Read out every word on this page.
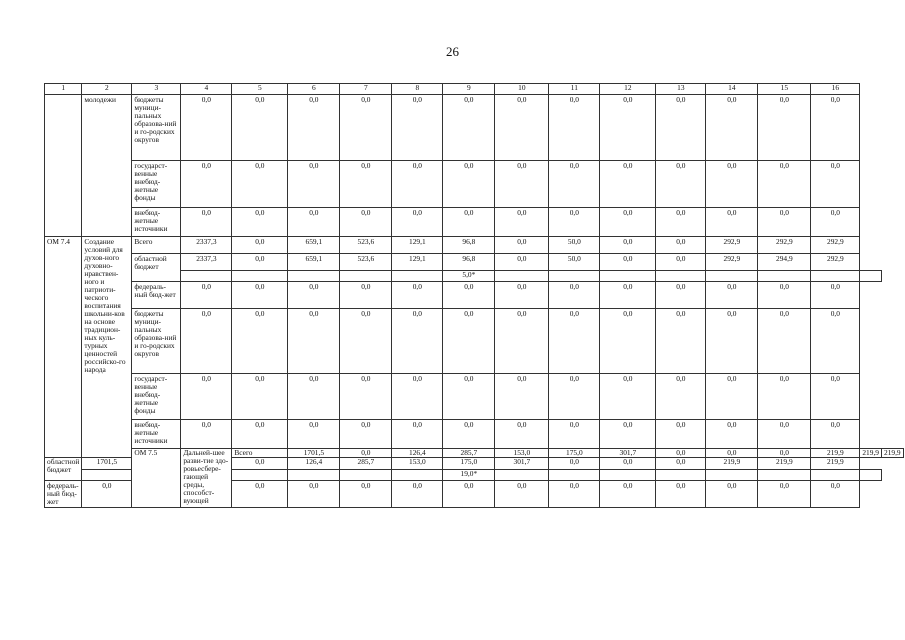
26
1	2	3	4	5	6	7	8	9	10	11	12	13	14	15	16		
	молодежи	бюджеты муници-пальных образова-ний и го-родских округов	0,0	0,0	0,0	0,0	0,0	0,0	0,0	0,0	0,0	0,0	0,0	0,0	0,0		
		государст-венные внебюд-жетные фонды	0,0	0,0	0,0	0,0	0,0	0,0	0,0	0,0	0,0	0,0	0,0	0,0	0,0		
		внебюд-жетные источники	0,0	0,0	0,0	0,0	0,0	0,0	0,0	0,0	0,0	0,0	0,0	0,0	0,0		
ОМ 7.4	Создание условий для духов-ного духовно-нравствен-ного и патриоти-ческого воспитания школьни-ков на основе традицион-ных куль-турных ценностей российско-го народа	Всего	2337,3	0,0	659,1	523,6	129,1	96,8	0,0	50,0	0,0	0,0	292,9	292,9	292,9		
		областной бюджет	2337,3	0,0	659,1	523,6	129,1	96,8	0,0	50,0	0,0	0,0	292,9	294,9	292,9		
								5,0*									
		федераль-ный бюд-жет	0,0	0,0	0,0	0,0	0,0	0,0	0,0	0,0	0,0	0,0	0,0	0,0	0,0		
		бюджеты муници-пальных образова-ний и го-родских округов	0,0	0,0	0,0	0,0	0,0	0,0	0,0	0,0	0,0	0,0	0,0	0,0	0,0		
		государст-венные внебюд-жетные фонды	0,0	0,0	0,0	0,0	0,0	0,0	0,0	0,0	0,0	0,0	0,0	0,0	0,0		
		внебюд-жетные источники	0,0	0,0	0,0	0,0	0,0	0,0	0,0	0,0	0,0	0,0	0,0	0,0	0,0		
		ОМ 7.5	Дальней-шее разви-тие здо-ровьесбере-гающей среды, способст-вующей	Всего	1701,5	0,0	126,4	285,7	153,0	175,0	301,7	0,0	0,0	0,0	219,9	219,9	219,9
областной бюджет	1701,5			0,0	126,4	285,7	153,0	175,0	301,7	0,0	0,0	0,0	219,9	219,9	219,9		
								19,0*									
федераль-ный бюд-жет	0,0			0,0	0,0	0,0	0,0	0,0	0,0	0,0	0,0	0,0	0,0	0,0	0,0		
